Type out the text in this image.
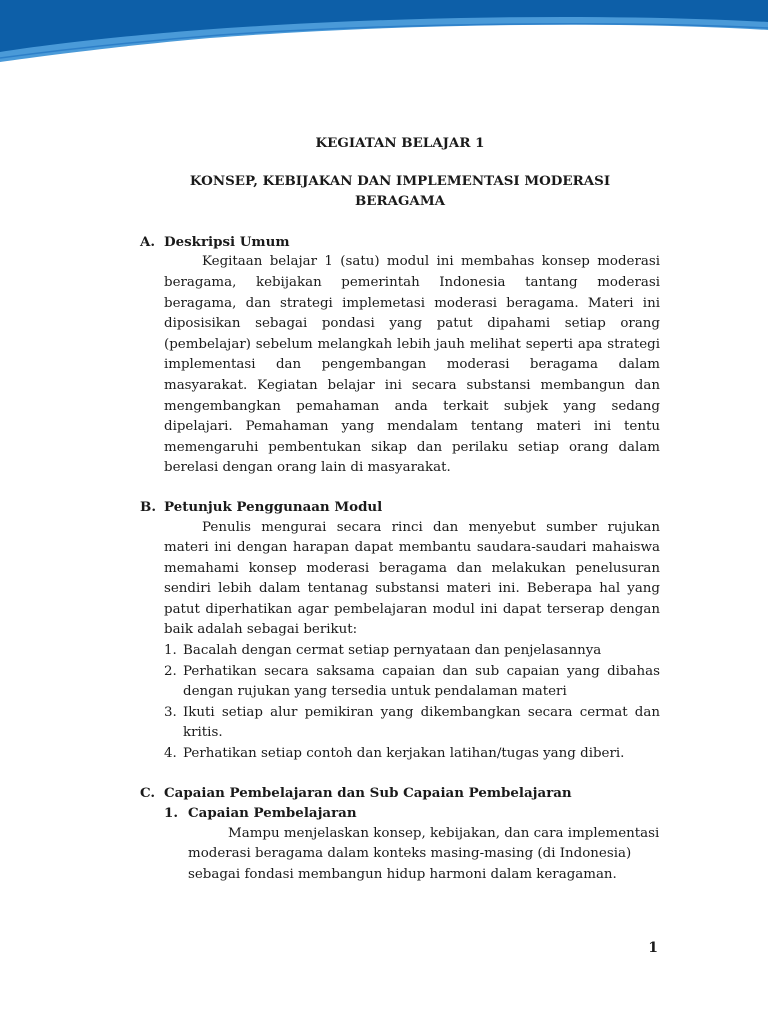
KEGIATAN BELAJAR 1

KONSEP, KEBIJAKAN DAN IMPLEMENTASI MODERASI BERAGAMA

A. Deskripsi Umum

Kegitaan belajar 1 (satu) modul ini membahas konsep moderasi beragama, kebijakan pemerintah Indonesia tantang moderasi beragama, dan strategi implemetasi moderasi beragama. Materi ini diposisikan sebagai pondasi yang patut dipahami setiap orang (pembelajar) sebelum melangkah lebih jauh melihat seperti apa strategi implementasi dan pengembangan moderasi beragama dalam masyarakat. Kegiatan belajar ini secara substansi membangun dan mengembangkan pemahaman anda terkait subjek yang sedang dipelajari. Pemahaman yang mendalam tentang materi ini tentu memengaruhi pembentukan sikap dan perilaku setiap orang dalam berelasi dengan orang lain di masyarakat.

B. Petunjuk Penggunaan Modul

Penulis mengurai secara rinci dan menyebut sumber rujukan materi ini dengan harapan dapat membantu saudara-saudari mahaiswa memahami konsep moderasi beragama dan melakukan penelusuran sendiri lebih dalam tentanag substansi materi ini. Beberapa hal yang patut diperhatikan agar pembelajaran modul ini dapat terserap dengan baik adalah sebagai berikut:

1. Bacalah dengan cermat setiap pernyataan dan penjelasannya
2. Perhatikan secara saksama capaian dan sub capaian yang dibahas dengan rujukan yang tersedia untuk pendalaman materi
3. Ikuti setiap alur pemikiran yang dikembangkan secara cermat dan kritis.
4. Perhatikan setiap contoh dan kerjakan latihan/tugas yang diberi.
C. Capaian Pembelajaran dan Sub Capaian Pembelajaran
1. Capaian Pembelajaran

Mampu menjelaskan konsep, kebijakan, dan cara implementasi moderasi beragama dalam konteks masing-masing (di Indonesia) sebagai fondasi membangun hidup harmoni dalam keragaman.

1
